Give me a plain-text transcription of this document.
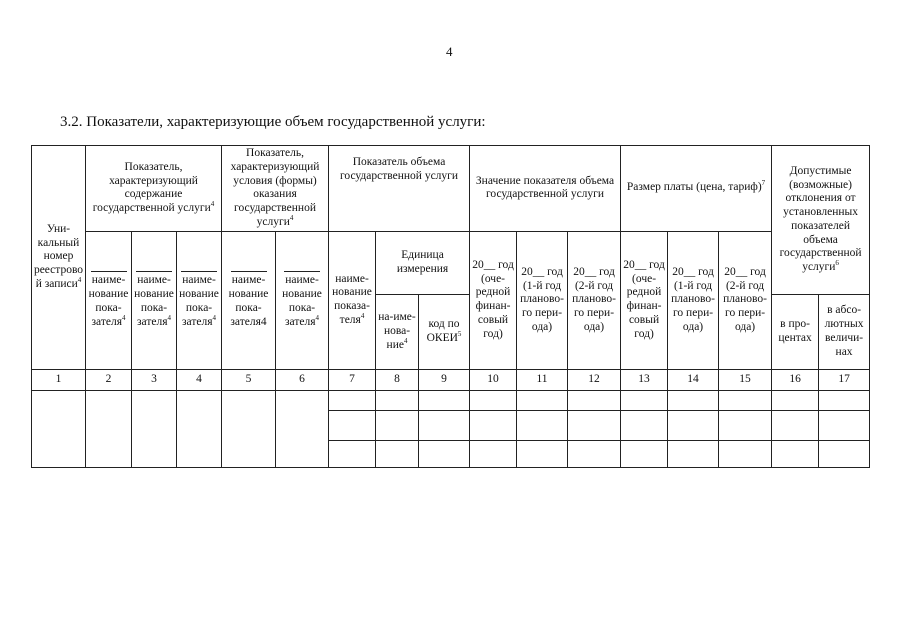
4
3.2. Показатели, характеризующие объем государственной услуги:
Уни-кальный номер реестровой записи$^4$	Показатель, характеризующий содержание государственной услуги$^4$			Показатель, характеризующий условия (формы) оказания государственной услуги$^4$		Показатель объема государственной услуги			Значение показателя объема государственной услуги			Размер платы (цена, тариф)$^7$			Допустимые (возможные) отклонения от установленных показателей объема государственной услуги$^6$

наиме-нование пока-зателя$^4$	наиме-нование пока-зателя$^4$	наиме-нование пока-зателя$^4$	наиме-нование пока-зателя4	наиме-нование пока-зателя$^4$	наиме-нование показа-теля$^4$	Единица измерения		20__ год (оче-редной финан-совый год)	20__ год (1-й год планово-го пери-ода)	20__ год (2-й год планово-го пери-ода)	20__ год (оче-редной финан-совый год)	20__ год (1-й год планово-го пери-ода)	20__ год (2-й год планово-го пери-ода)		
							на-име-нова-ние$^4$	код по ОКЕИ$^5$							в про-центах	в абсо-лютных величи-нах
1	2	3	4	5	6	7	8	9	10	11	12	13	14	15	16	17
